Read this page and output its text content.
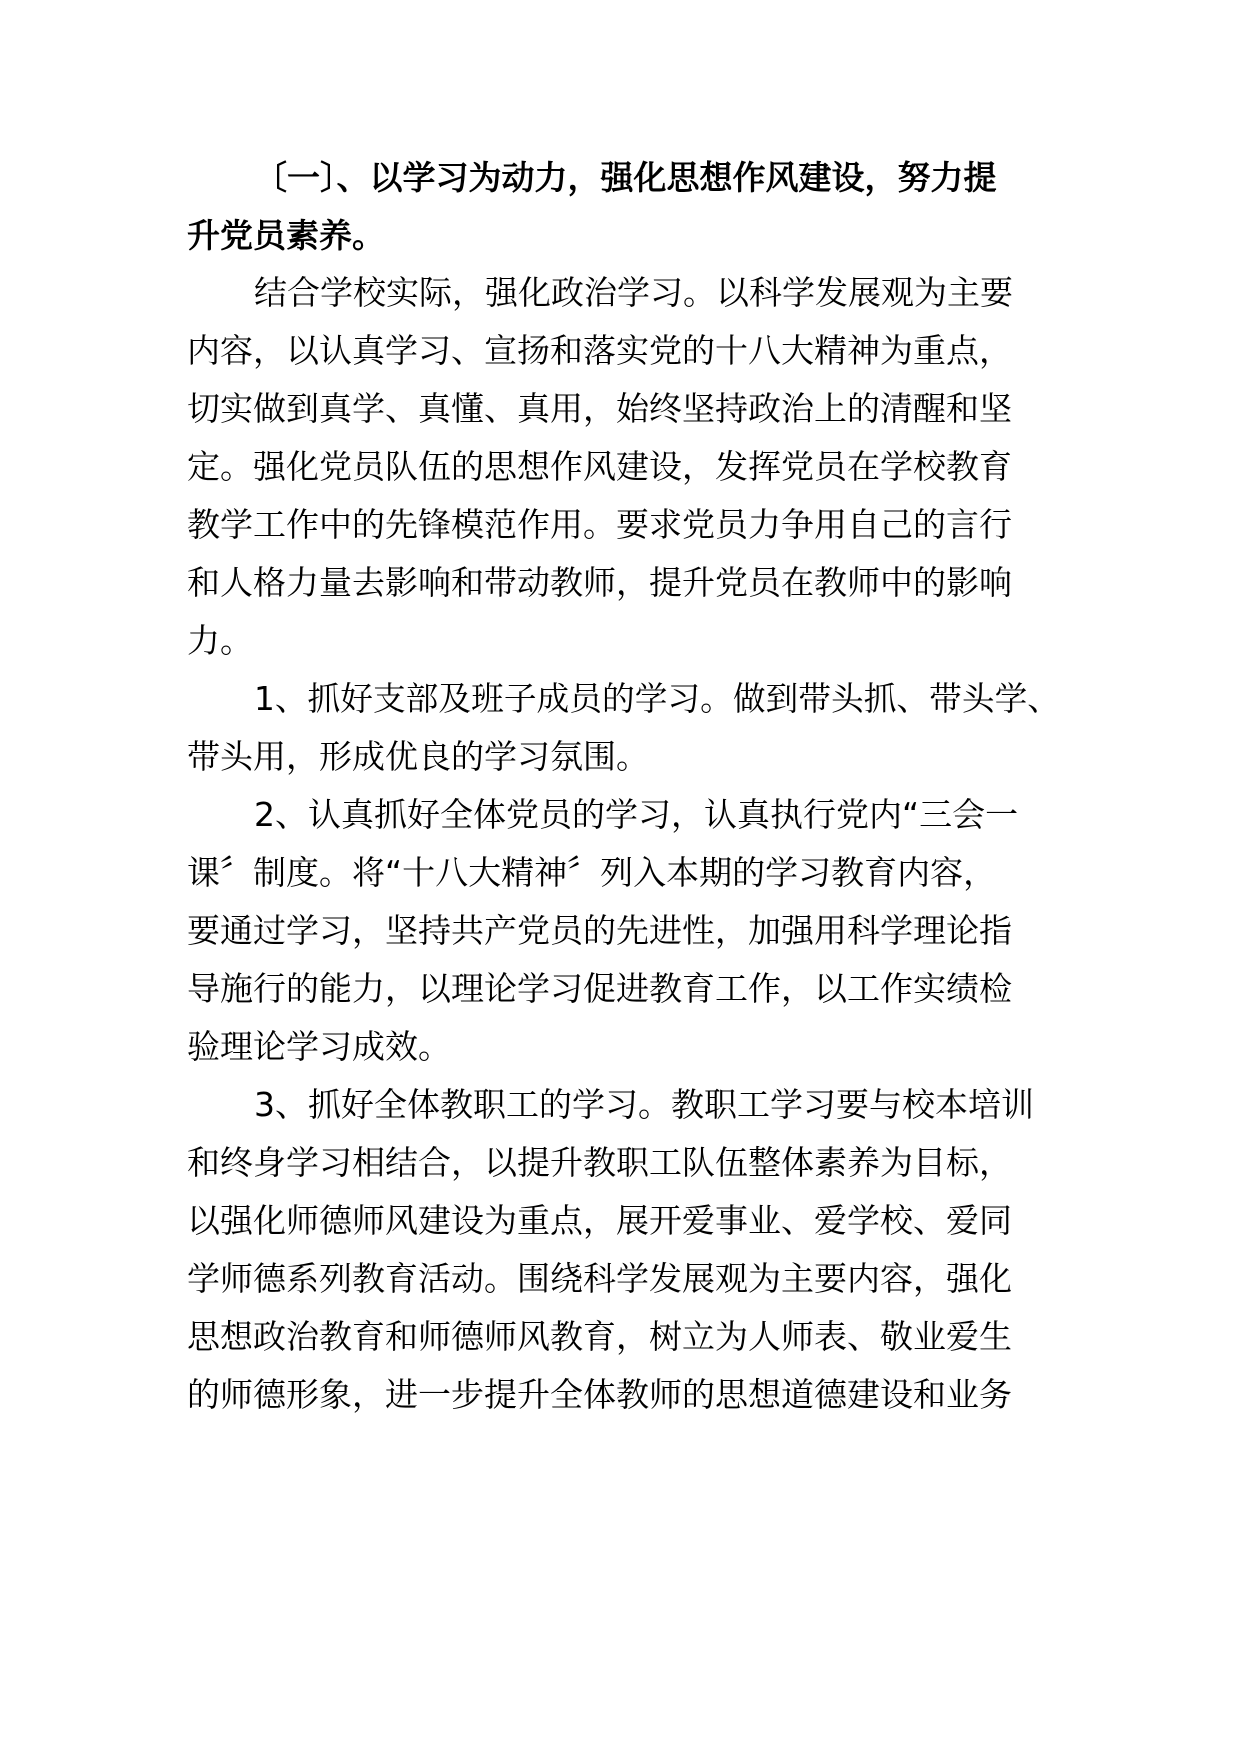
〔一〕、以学习为动力，强化思想作风建设，努力提
升党员素养。
结合学校实际，强化政治学习。以科学发展观为主要
内容，以认真学习、宣扬和落实党的十八大精神为重点，
切实做到真学、真懂、真用，始终坚持政治上的清醒和坚
定。强化党员队伍的思想作风建设，发挥党员在学校教育
教学工作中的先锋模范作用。要求党员力争用自己的言行
和人格力量去影响和带动教师，提升党员在教师中的影响
力。
1、抓好支部及班子成员的学习。做到带头抓、带头学、
带头用，形成优良的学习氛围。
2、认真抓好全体党员的学习，认真执行党内“三会一
课〞制度。将“十八大精神〞列入本期的学习教育内容，
要通过学习，坚持共产党员的先进性，加强用科学理论指
导施行的能力，以理论学习促进教育工作，以工作实绩检
验理论学习成效。
3、抓好全体教职工的学习。教职工学习要与校本培训
和终身学习相结合，以提升教职工队伍整体素养为目标，
以强化师德师风建设为重点，展开爱事业、爱学校、爱同
学师德系列教育活动。围绕科学发展观为主要内容，强化
思想政治教育和师德师风教育，树立为人师表、敬业爱生
的师德形象，进一步提升全体教师的思想道德建设和业务
